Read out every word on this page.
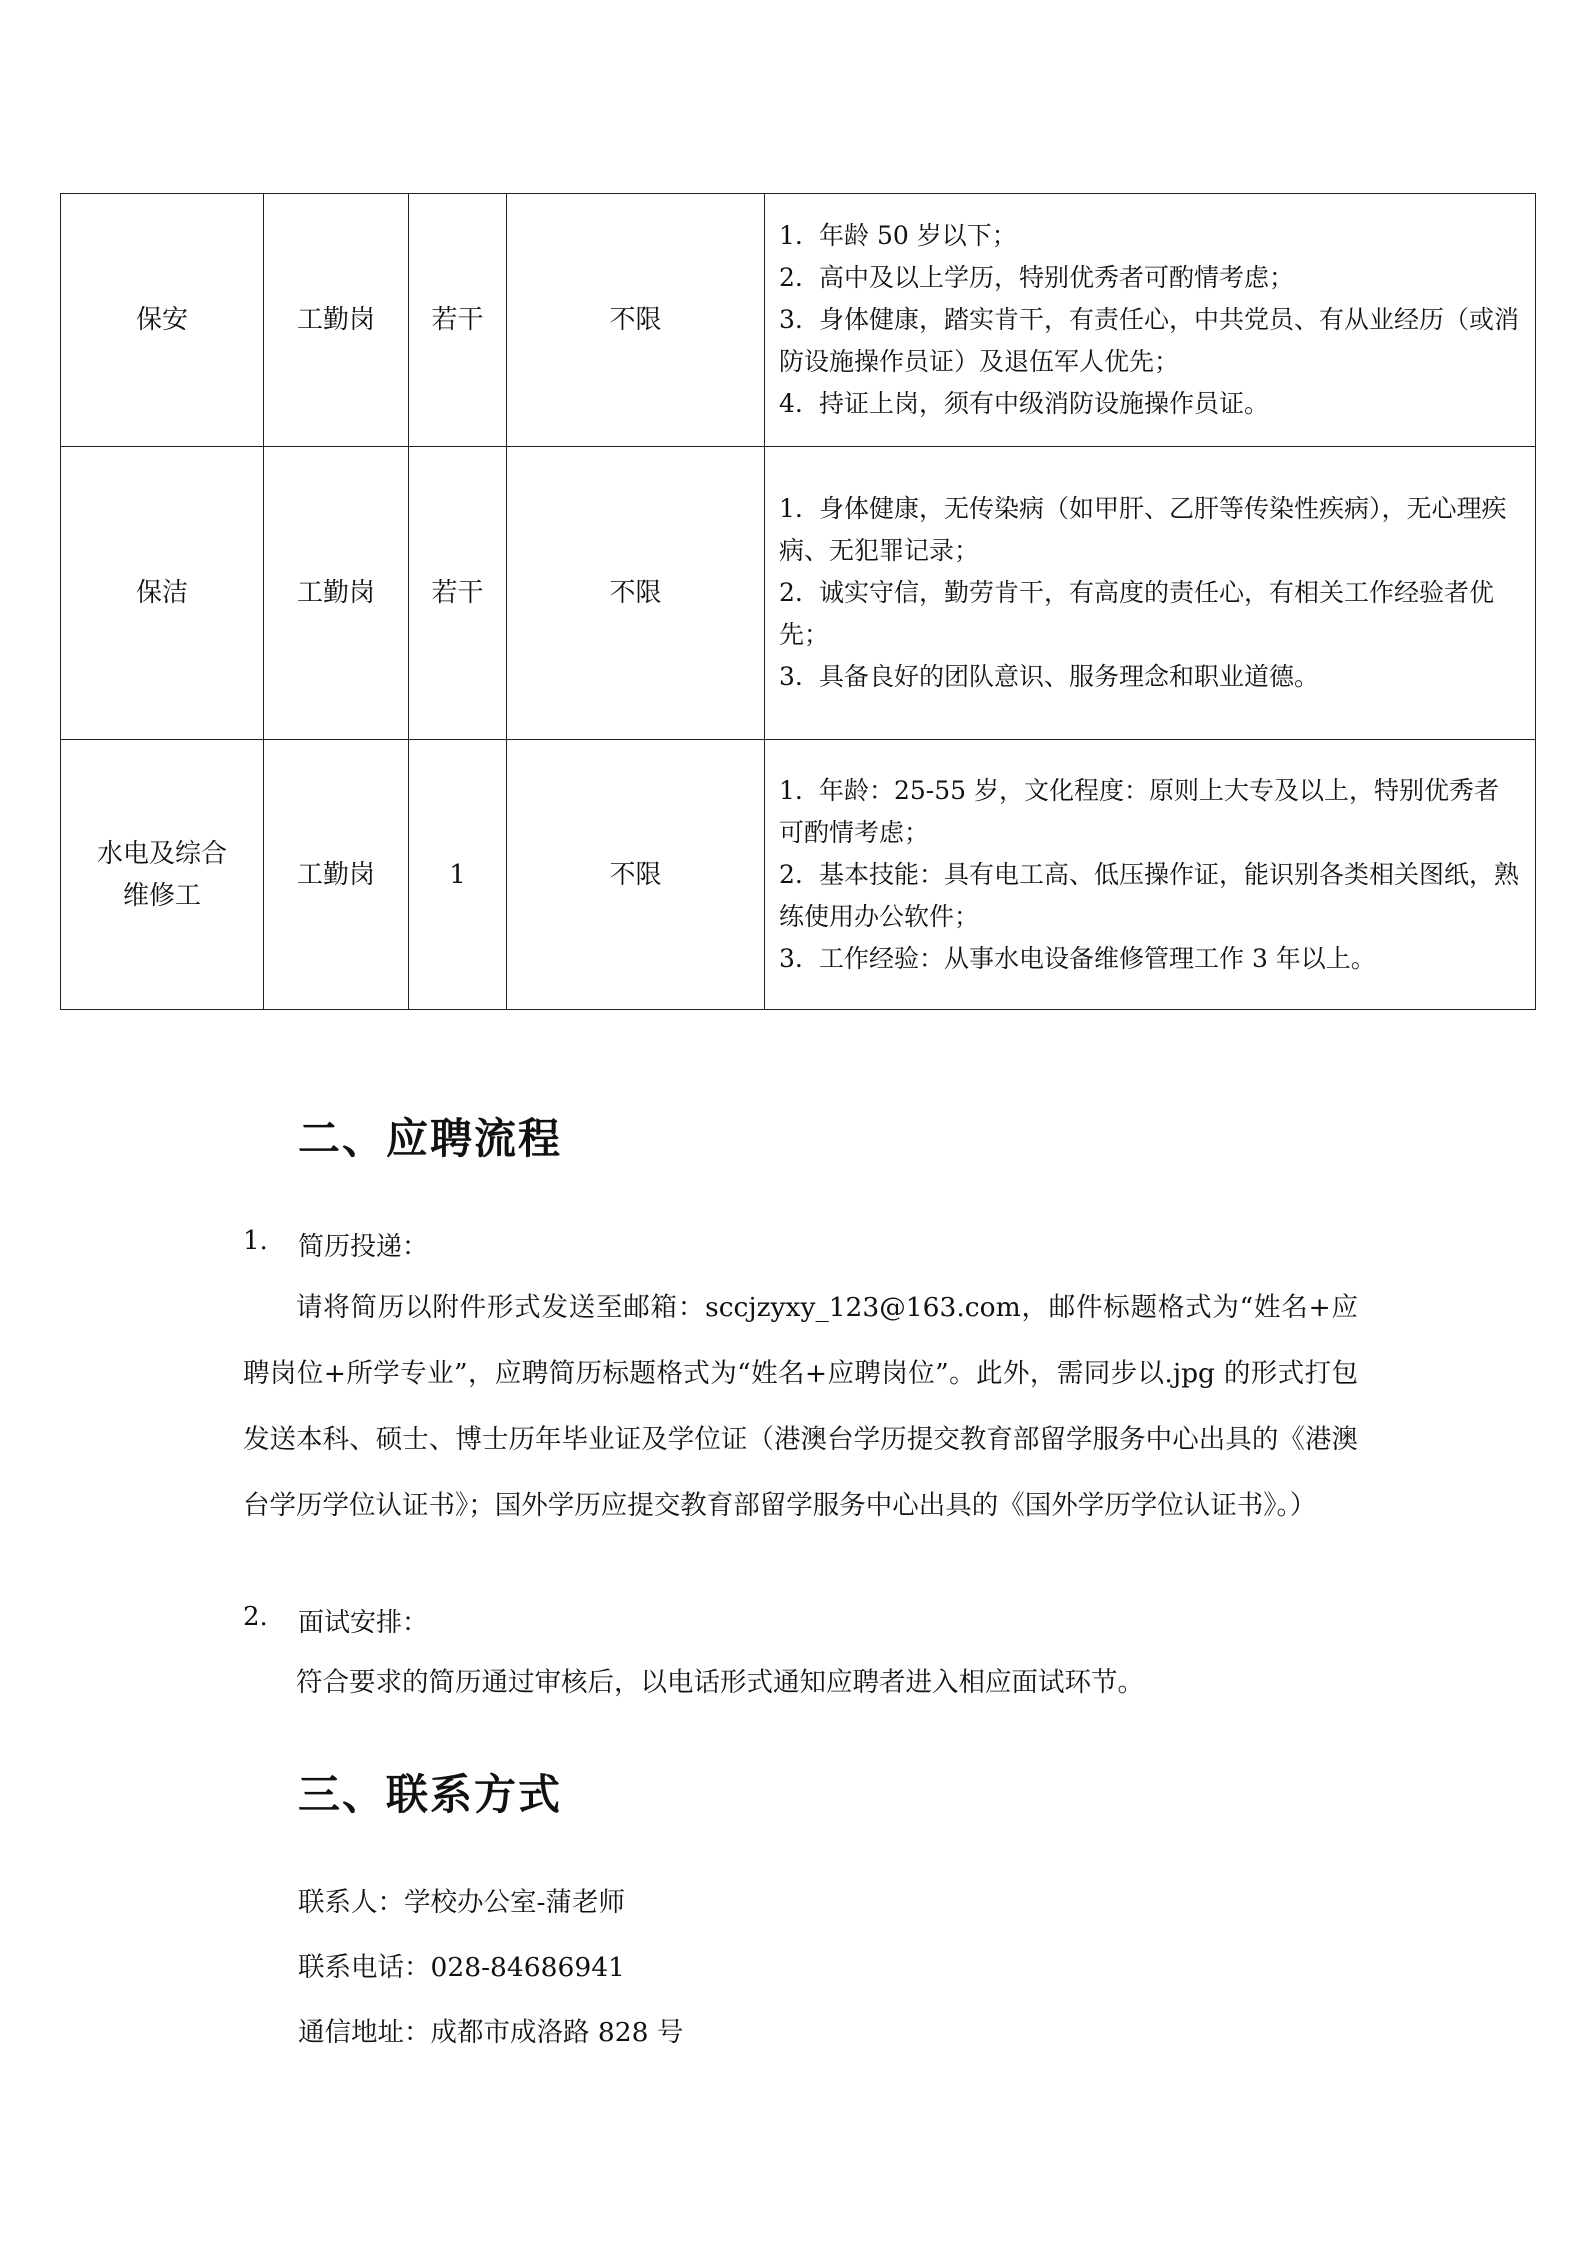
保安	工勤岗	若干	不限	1. 年龄 50 岁以下；
2. 高中及以上学历，特别优秀者可酌情考虑；
3. 身体健康，踏实肯干，有责任心，中共党员、有从业经历（或消防设施操作员证）及退伍军人优先；
4. 持证上岗，须有中级消防设施操作员证。

保洁	工勤岗	若干	不限	1. 身体健康，无传染病（如甲肝、乙肝等传染性疾病），无心理疾病、无犯罪记录；
2. 诚实守信，勤劳肯干，有高度的责任心，有相关工作经验者优先；
3. 具备良好的团队意识、服务理念和职业道德。

水电及综合维修工	工勤岗	1	不限	1. 年龄：25-55 岁，文化程度：原则上大专及以上，特别优秀者可酌情考虑；
2. 基本技能：具有电工高、低压操作证，能识别各类相关图纸，熟练使用办公软件；
3. 工作经验：从事水电设备维修管理工作 3 年以上。
二、应聘流程
1. 简历投递：
请将简历以附件形式发送至邮箱：sccjzyxy_123@163.com，邮件标题格式为“姓名+应聘岗位+所学专业”，应聘简历标题格式为“姓名+应聘岗位”。此外，需同步以.jpg 的形式打包发送本科、硕士、博士历年毕业证及学位证（港澳台学历提交教育部留学服务中心出具的《港澳台学历学位认证书》；国外学历应提交教育部留学服务中心出具的《国外学历学位认证书》。）
2. 面试安排：
符合要求的简历通过审核后，以电话形式通知应聘者进入相应面试环节。
三、联系方式
联系人：学校办公室-蒲老师
联系电话：028-84686941
通信地址：成都市成洛路 828 号
